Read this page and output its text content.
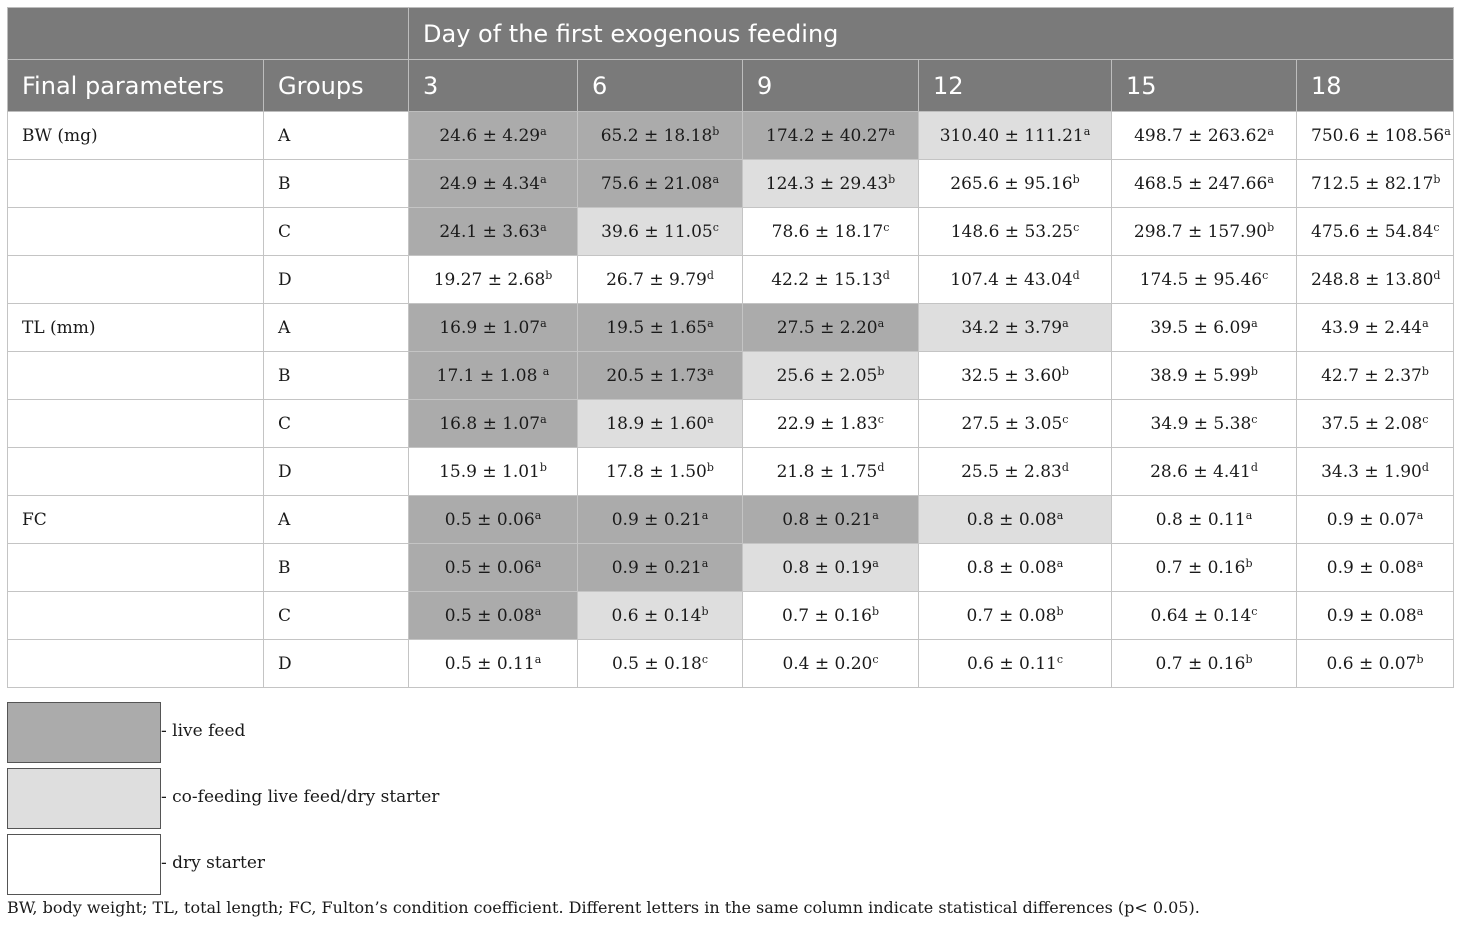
		Day of the first exogenous feeding					
Final parameters	Groups	3	6	9	12	15	18
BW (mg)	A	24.6 ± 4.29$^a$	65.2 ± 18.18$^b$	174.2 ± 40.27$^a$	310.40 ± 111.21$^a$	498.7 ± 263.62$^a$	750.6 ± 108.56$^a$
	B	24.9 ± 4.34$^a$	75.6 ± 21.08$^a$	124.3 ± 29.43$^b$	265.6 ± 95.16$^b$	468.5 ± 247.66$^a$	712.5 ± 82.17$^b$
	C	24.1 ± 3.63$^a$	39.6 ± 11.05$^c$	78.6 ± 18.17$^c$	148.6 ± 53.25$^c$	298.7 ± 157.90$^b$	475.6 ± 54.84$^c$
	D	19.27 ± 2.68$^b$	26.7 ± 9.79$^d$	42.2 ± 15.13$^d$	107.4 ± 43.04$^d$	174.5 ± 95.46$^c$	248.8 ± 13.80$^d$
TL (mm)	A	16.9 ± 1.07$^a$	19.5 ± 1.65$^a$	27.5 ± 2.20$^a$	34.2 ± 3.79$^a$	39.5 ± 6.09$^a$	43.9 ± 2.44$^a$
	B	17.1 ± 1.08 $^a$	20.5 ± 1.73$^a$	25.6 ± 2.05$^b$	32.5 ± 3.60$^b$	38.9 ± 5.99$^b$	42.7 ± 2.37$^b$
	C	16.8 ± 1.07$^a$	18.9 ± 1.60$^a$	22.9 ± 1.83$^c$	27.5 ± 3.05$^c$	34.9 ± 5.38$^c$	37.5 ± 2.08$^c$
	D	15.9 ± 1.01$^b$	17.8 ± 1.50$^b$	21.8 ± 1.75$^d$	25.5 ± 2.83$^d$	28.6 ± 4.41$^d$	34.3 ± 1.90$^d$
FC	A	0.5 ± 0.06$^a$	0.9 ± 0.21$^a$	0.8 ± 0.21$^a$	0.8 ± 0.08$^a$	0.8 ± 0.11$^a$	0.9 ± 0.07$^a$
	B	0.5 ± 0.06$^a$	0.9 ± 0.21$^a$	0.8 ± 0.19$^a$	0.8 ± 0.08$^a$	0.7 ± 0.16$^b$	0.9 ± 0.08$^a$
	C	0.5 ± 0.08$^a$	0.6 ± 0.14$^b$	0.7 ± 0.16$^b$	0.7 ± 0.08$^b$	0.64 ± 0.14$^c$	0.9 ± 0.08$^a$
	D	0.5 ± 0.11$^a$	0.5 ± 0.18$^c$	0.4 ± 0.20$^c$	0.6 ± 0.11$^c$	0.7 ± 0.16$^b$	0.6 ± 0.07$^b$
- live feed
- co-feeding live feed/dry starter
- dry starter
BW, body weight; TL, total length; FC, Fulton’s condition coefficient. Different letters in the same column indicate statistical differences (p< 0.05).
